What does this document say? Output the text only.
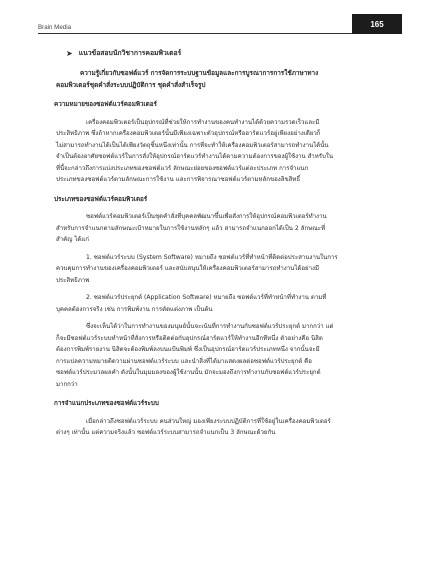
Brain Media	165
➤ แนวข้อสอบนักวิชาการคอมพิวเตอร์
ความรู้เกี่ยวกับซอฟต์แวร์ การจัดการระบบฐานข้อมูลและการบูรณาการการใช้ภาษาทาง
คอมพิวเตอร์ชุดคำสั่งระบบปฏิบัติการ ชุดคำสั่งสำเร็จรูป
ความหมายของซอฟต์แวร์คอมพิวเตอร์
เครื่องคอมพิวเตอร์เป็นอุปกรณ์ที่ช่วยให้การทำงานของคนทำงานได้ด้วยความรวดเร็วและมี
ประสิทธิภาพ ซึ่งถ้าหากเครื่องคอมพิวเตอร์นั้นมีเพียงเฉพาะตัวอุปกรณ์หรือฮาร์ดแวร์อยู่เพียงอย่างเดียวก็
ไม่สามารถทำงานได้เป็นได้เพียงวัตถุชิ้นหนึ่งเท่านั้น การที่จะทำให้เครื่องคอมพิวเตอร์สามารถทำงานได้นั้น
จำเป็นต้องอาศัยซอฟต์แวร์ในการสั่งให้อุปกรณ์ฮาร์ดแวร์ทำงานได้ตามความต้องการของผู้ใช้งาน สำหรับใน
ที่นี้จะกล่าวถึงการแบ่งประเภทของซอฟต์แวร์ ลักษณะย่อยของซอฟต์แวร์แต่ละประเภท การจำแนก
ประเภทของซอฟต์แวร์ตามลักษณะการใช้งาน และการพิจารณาซอฟต์แวร์ตามหลักของลิขสิทธิ์
ประเภทของซอฟต์แวร์คอมพิวเตอร์
ซอฟต์แวร์คอมพิวเตอร์เป็นชุดคำสั่งที่บุคคลพัฒนาขึ้นเพื่อสั่งการให้อุปกรณ์คอมพิวเตอร์ทำงาน
สำหรับการจำแนกตามลักษณะเป้าหมายในการใช้งานหลักๆ แล้ว สามารถจำแนกออกได้เป็น 2 ลักษณะที่
สำคัญ ได้แก่
1. ซอฟต์แวร์ระบบ (System Software) หมายถึง ซอฟต์แวร์ที่ทำหน้าที่ติดต่อประสานงานในการ
ควบคุมการทำงานของเครื่องคอมพิวเตอร์ และสนับสนุนให้เครื่องคอมพิวเตอร์สามารถทำงานได้อย่างมี
ประสิทธิภาพ
2. ซอฟต์แวร์ประยุกต์ (Application Software) หมายถึง ซอฟต์แวร์ที่ทำหน้าที่ทำงาน ตามที่
บุคคลต้องการจริง เช่น การพิมพ์งาน การตัดแต่งภาพ เป็นต้น
ซึ่งจะเห็นได้ว่าในการทำงานของมนุษย์นั้นจะเน้นที่การทำงานกับซอฟต์แวร์ประยุกต์ มากกว่า แต่
ก็จะมีซอฟต์แวร์ระบบทำหน้าที่สั่งการหรือติดต่อกับอุปกรณ์ฮาร์ดแวร์ให้ทำงานอีกทีหนึ่ง ตัวอย่างคือ นิสิต
ต้องการพิมพ์รายงาน นิสิตจะต้องพิมพ์ลงบนแป้นพิมพ์ ซึ่งเป็นอุปกรณ์ฮาร์ดแวร์ประเภทหนึ่ง จากนั้นจะมี
การแปลความหมายติดวามผ่านซอฟต์แวร์ระบบ และนำสิ่งที่ได้มาแสดงผลต่อซอฟต์แวร์ประยุกต์ คือ
ซอฟต์แวร์ประมวลผลคำ ดังนั้นในมุมมองของผู้ใช้งานนั้น มักจะมองถึงการทำงานกับซอฟต์แวร์ประยุกต์
มากกว่า
การจำแนกประเภทของซอฟต์แวร์ระบบ
เมื่อกล่าวถึงซอฟต์แวร์ระบบ คนส่วนใหญ่ มองเพียงระบบปฏิบัติการที่ใช้อยู่ในเครื่องคอมพิวเตอร์
ต่างๆ เท่านั้น แต่ความจริงแล้ว ซอฟต์แวร์ระบบสามารถจำแนกเป็น 3 ลักษณะด้วยกัน
